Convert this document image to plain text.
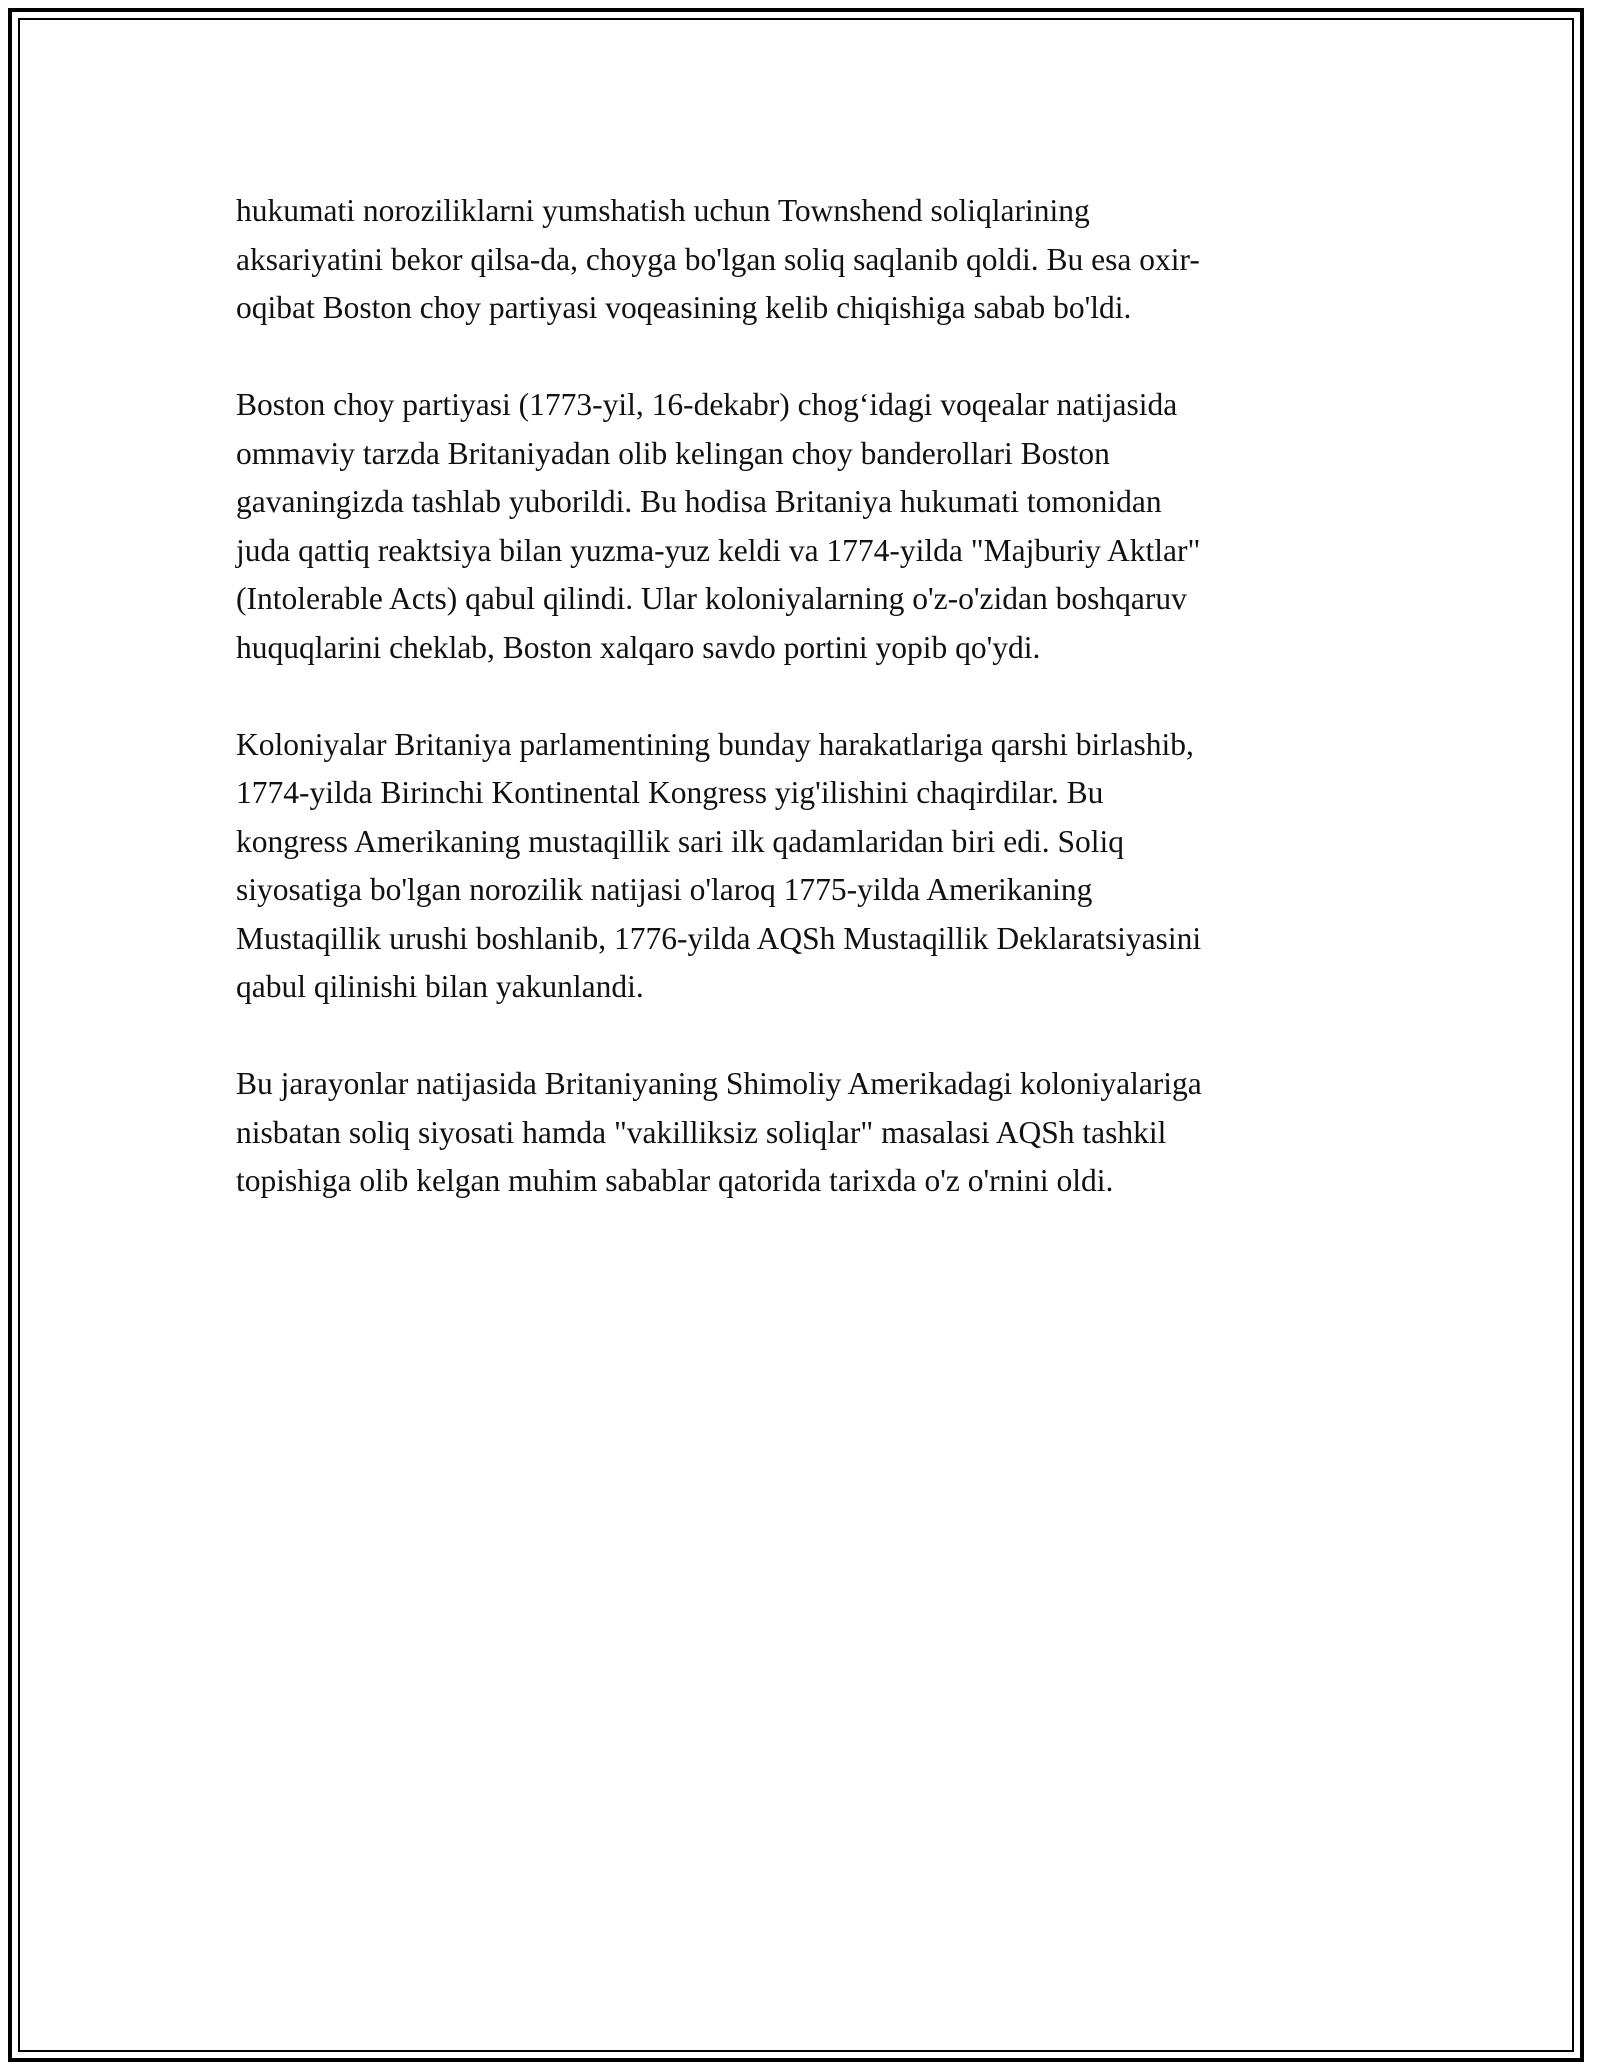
hukumati noroziliklarni yumshatish uchun Townshend soliqlarining
aksariyatini bekor qilsa-da, choyga bo'lgan soliq saqlanib qoldi. Bu esa oxir-
oqibat Boston choy partiyasi voqeasining kelib chiqishiga sabab bo'ldi.

Boston choy partiyasi (1773-yil, 16-dekabr) chog‘idagi voqealar natijasida
ommaviy tarzda Britaniyadan olib kelingan choy banderollari Boston
gavaningizda tashlab yuborildi. Bu hodisa Britaniya hukumati tomonidan
juda qattiq reaktsiya bilan yuzma-yuz keldi va 1774-yilda "Majburiy Aktlar"
(Intolerable Acts) qabul qilindi. Ular koloniyalarning o'z-o'zidan boshqaruv
huquqlarini cheklab, Boston xalqaro savdo portini yopib qo'ydi.

Koloniyalar Britaniya parlamentining bunday harakatlariga qarshi birlashib,
1774-yilda Birinchi Kontinental Kongress yig'ilishini chaqirdilar. Bu
kongress Amerikaning mustaqillik sari ilk qadamlaridan biri edi. Soliq
siyosatiga bo'lgan norozilik natijasi o'laroq 1775-yilda Amerikaning
Mustaqillik urushi boshlanib, 1776-yilda AQSh Mustaqillik Deklaratsiyasini
qabul qilinishi bilan yakunlandi.

Bu jarayonlar natijasida Britaniyaning Shimoliy Amerikadagi koloniyalariga
nisbatan soliq siyosati hamda "vakilliksiz soliqlar" masalasi AQSh tashkil
topishiga olib kelgan muhim sabablar qatorida tarixda o'z o'rnini oldi.
